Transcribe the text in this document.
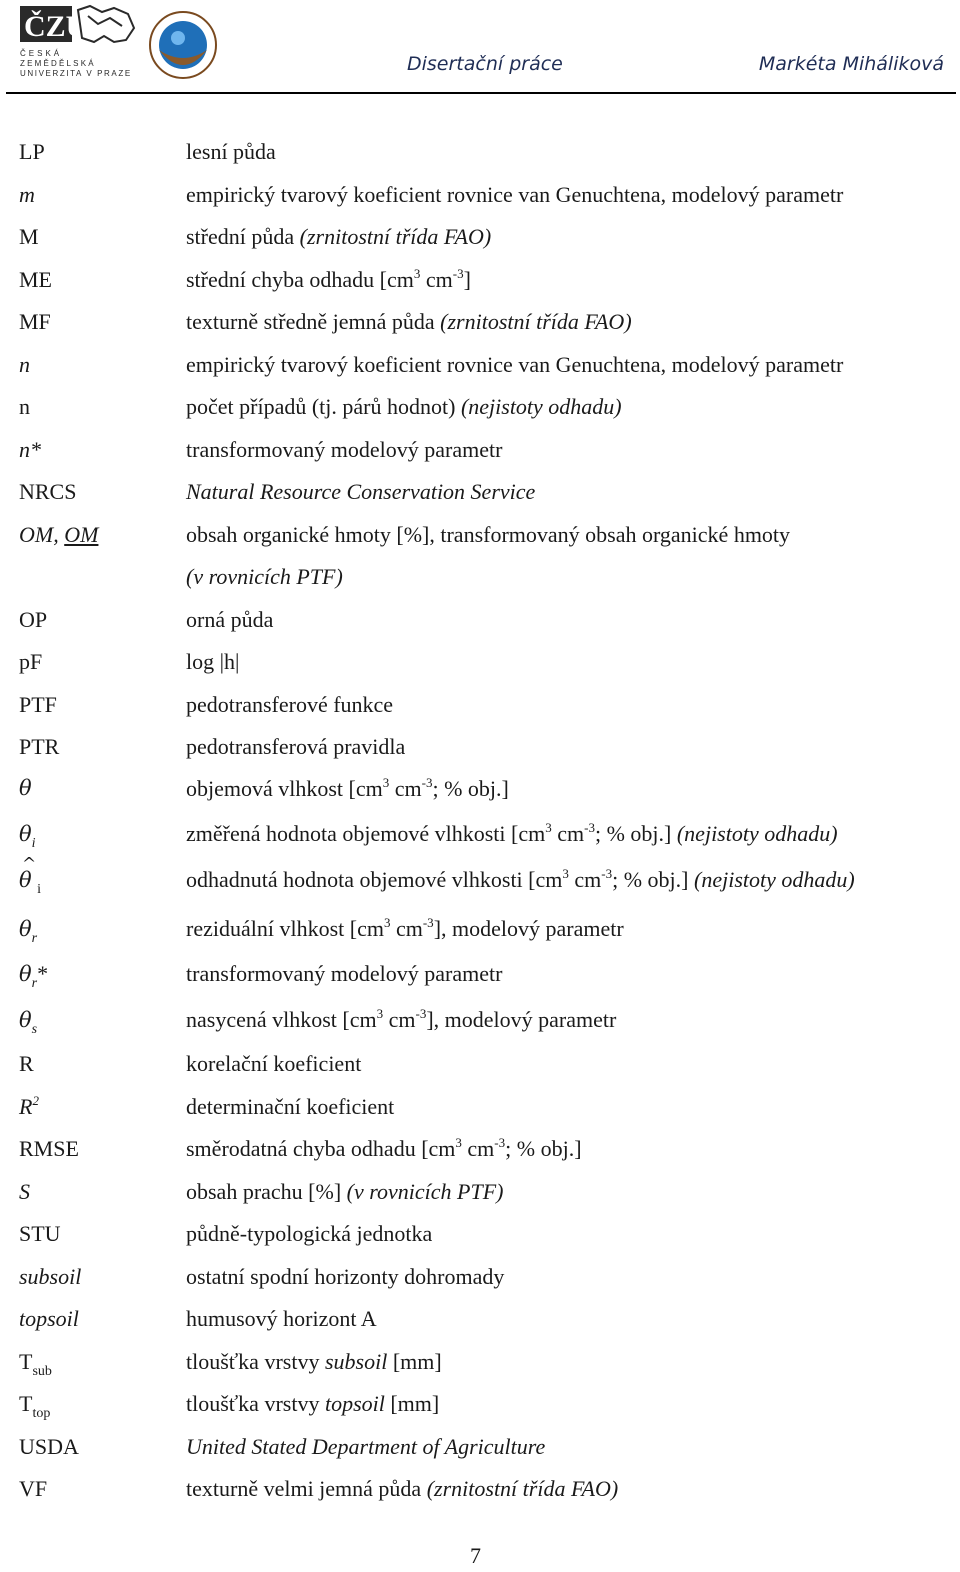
ČZU
ČESKÁ
ZEMĚDĚLSKÁ
UNIVERZITA V PRAZE	Disertační práce	Markéta Miháliková
LP	lesní půda
m	empirický tvarový koeficient rovnice van Genuchtena, modelový parametr
M	střední půda (zrnitostní třída FAO)
ME	střední chyba odhadu [$cm^3$ $cm^{-3}$]
MF	texturně středně jemná půda (zrnitostní třída FAO)
n	empirický tvarový koeficient rovnice van Genuchtena, modelový parametr
n	počet případů (tj. párů hodnot) (nejistoty odhadu)
n*	transformovaný modelový parametr
NRCS	Natural Resource Conservation Service
OM, OM	obsah organické hmoty [%], transformovaný obsah organické hmoty
(v rovnicích PTF)
OP	orná půda
pF	log |h|
PTF	pedotransferové funkce
PTR	pedotransferová pravidla
θ	objemová vlhkost [$cm^3$ $cm^{-3}$; % obj.]
$\theta_i$	změřená hodnota objemové vlhkosti [$cm^3$ $cm^{-3}$; % obj.] (nejistoty odhadu)
^ θ $_i$	odhadnutá hodnota objemové vlhkosti [$cm^3$ $cm^{-3}$; % obj.] (nejistoty odhadu)
$\theta_r$	reziduální vlhkost [$cm^3$ $cm^{-3}$], modelový parametr
$\theta_r*$	transformovaný modelový parametr
$\theta_s$	nasycená vlhkost [$cm^3$ $cm^{-3}$], modelový parametr
R	korelační koeficient
$R^2$	determinační koeficient
RMSE	směrodatná chyba odhadu [$cm^3$ $cm^{-3}$; % obj.]
S	obsah prachu [%] (v rovnicích PTF)
STU	půdně-typologická jednotka
subsoil	ostatní spodní horizonty dohromady
topsoil	humusový horizont A
$T_{sub}$	tloušťka vrstvy subsoil [mm]
$T_{top}$	tloušťka vrstvy topsoil [mm]
USDA	United Stated Department of Agriculture
VF	texturně velmi jemná půda (zrnitostní třída FAO)
7
